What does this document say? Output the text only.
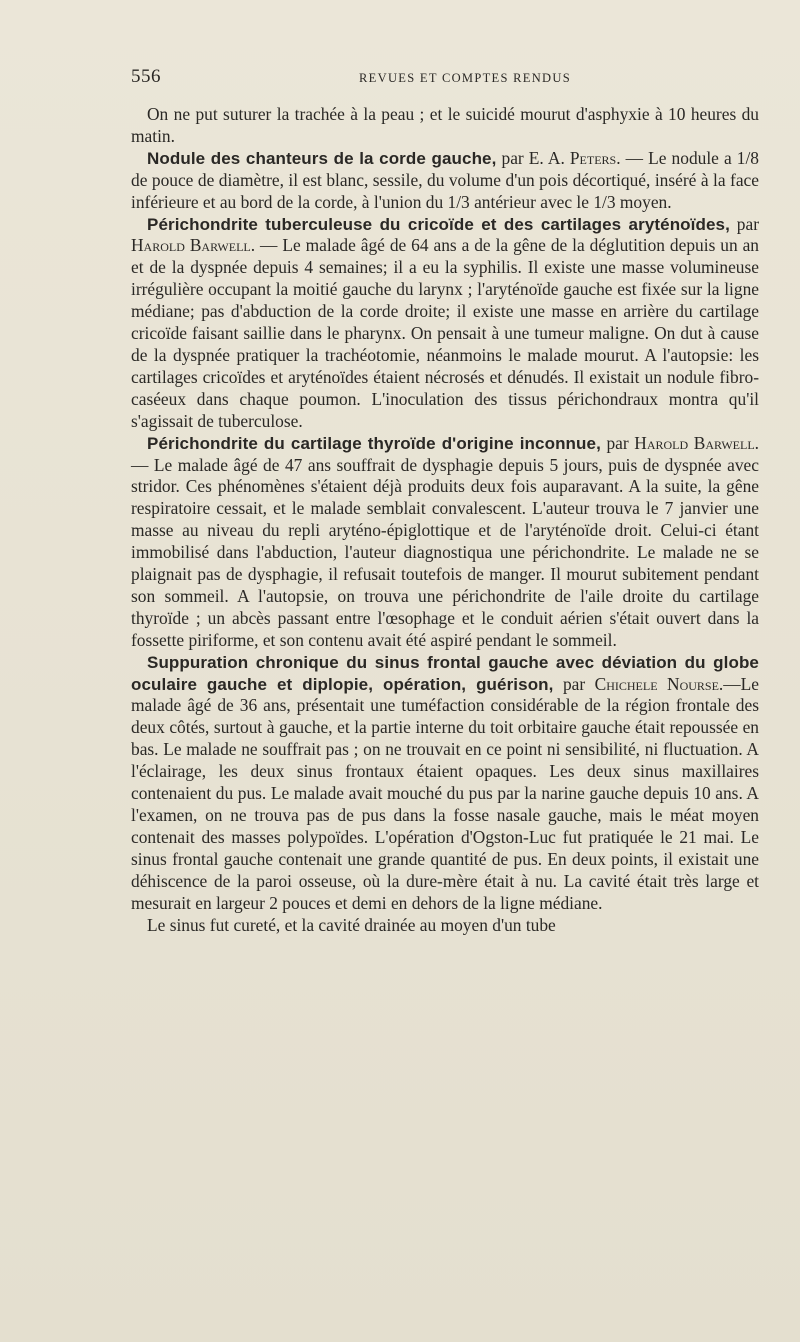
556	REVUES ET COMPTES RENDUS

On ne put suturer la trachée à la peau ; et le suicidé mourut d'asphyxie à 10 heures du matin.

Nodule des chanteurs de la corde gauche, par E. A. Peters. — Le nodule a 1/8 de pouce de diamètre, il est blanc, sessile, du volume d'un pois décortiqué, inséré à la face inférieure et au bord de la corde, à l'union du 1/3 antérieur avec le 1/3 moyen.

Périchondrite tuberculeuse du cricoïde et des cartilages aryténoïdes, par Harold Barwell. — Le malade âgé de 64 ans a de la gêne de la déglutition depuis un an et de la dyspnée depuis 4 semaines; il a eu la syphilis. Il existe une masse volumineuse irrégulière occupant la moitié gauche du larynx ; l'aryténoïde gauche est fixée sur la ligne médiane; pas d'abduction de la corde droite; il existe une masse en arrière du cartilage cricoïde faisant saillie dans le pharynx. On pensait à une tumeur maligne. On dut à cause de la dyspnée pratiquer la trachéotomie, néanmoins le malade mourut. A l'autopsie: les cartilages cricoïdes et aryténoïdes étaient nécrosés et dénudés. Il existait un nodule fibro-caséeux dans chaque poumon. L'inoculation des tissus périchondraux montra qu'il s'agissait de tuberculose.

Périchondrite du cartilage thyroïde d'origine inconnue, par Harold Barwell. — Le malade âgé de 47 ans souffrait de dysphagie depuis 5 jours, puis de dyspnée avec stridor. Ces phénomènes s'étaient déjà produits deux fois auparavant. A la suite, la gêne respiratoire cessait, et le malade semblait convalescent. L'auteur trouva le 7 janvier une masse au niveau du repli aryténo-épiglottique et de l'aryténoïde droit. Celui-ci étant immobilisé dans l'abduction, l'auteur diagnostiqua une périchondrite. Le malade ne se plaignait pas de dysphagie, il refusait toutefois de manger. Il mourut subitement pendant son sommeil. A l'autopsie, on trouva une périchondrite de l'aile droite du cartilage thyroïde ; un abcès passant entre l'œsophage et le conduit aérien s'était ouvert dans la fossette piriforme, et son contenu avait été aspiré pendant le sommeil.

Suppuration chronique du sinus frontal gauche avec déviation du globe oculaire gauche et diplopie, opération, guérison, par Chichele Nourse.—Le malade âgé de 36 ans, présentait une tuméfaction considérable de la région frontale des deux côtés, surtout à gauche, et la partie interne du toit orbitaire gauche était repoussée en bas. Le malade ne souffrait pas ; on ne trouvait en ce point ni sensibilité, ni fluctuation. A l'éclairage, les deux sinus frontaux étaient opaques. Les deux sinus maxillaires contenaient du pus. Le malade avait mouché du pus par la narine gauche depuis 10 ans. A l'examen, on ne trouva pas de pus dans la fosse nasale gauche, mais le méat moyen contenait des masses polypoïdes. L'opération d'Ogston-Luc fut pratiquée le 21 mai. Le sinus frontal gauche contenait une grande quantité de pus. En deux points, il existait une déhiscence de la paroi osseuse, où la dure-mère était à nu. La cavité était très large et mesurait en largeur 2 pouces et demi en dehors de la ligne médiane.

Le sinus fut cureté, et la cavité drainée au moyen d'un tube
